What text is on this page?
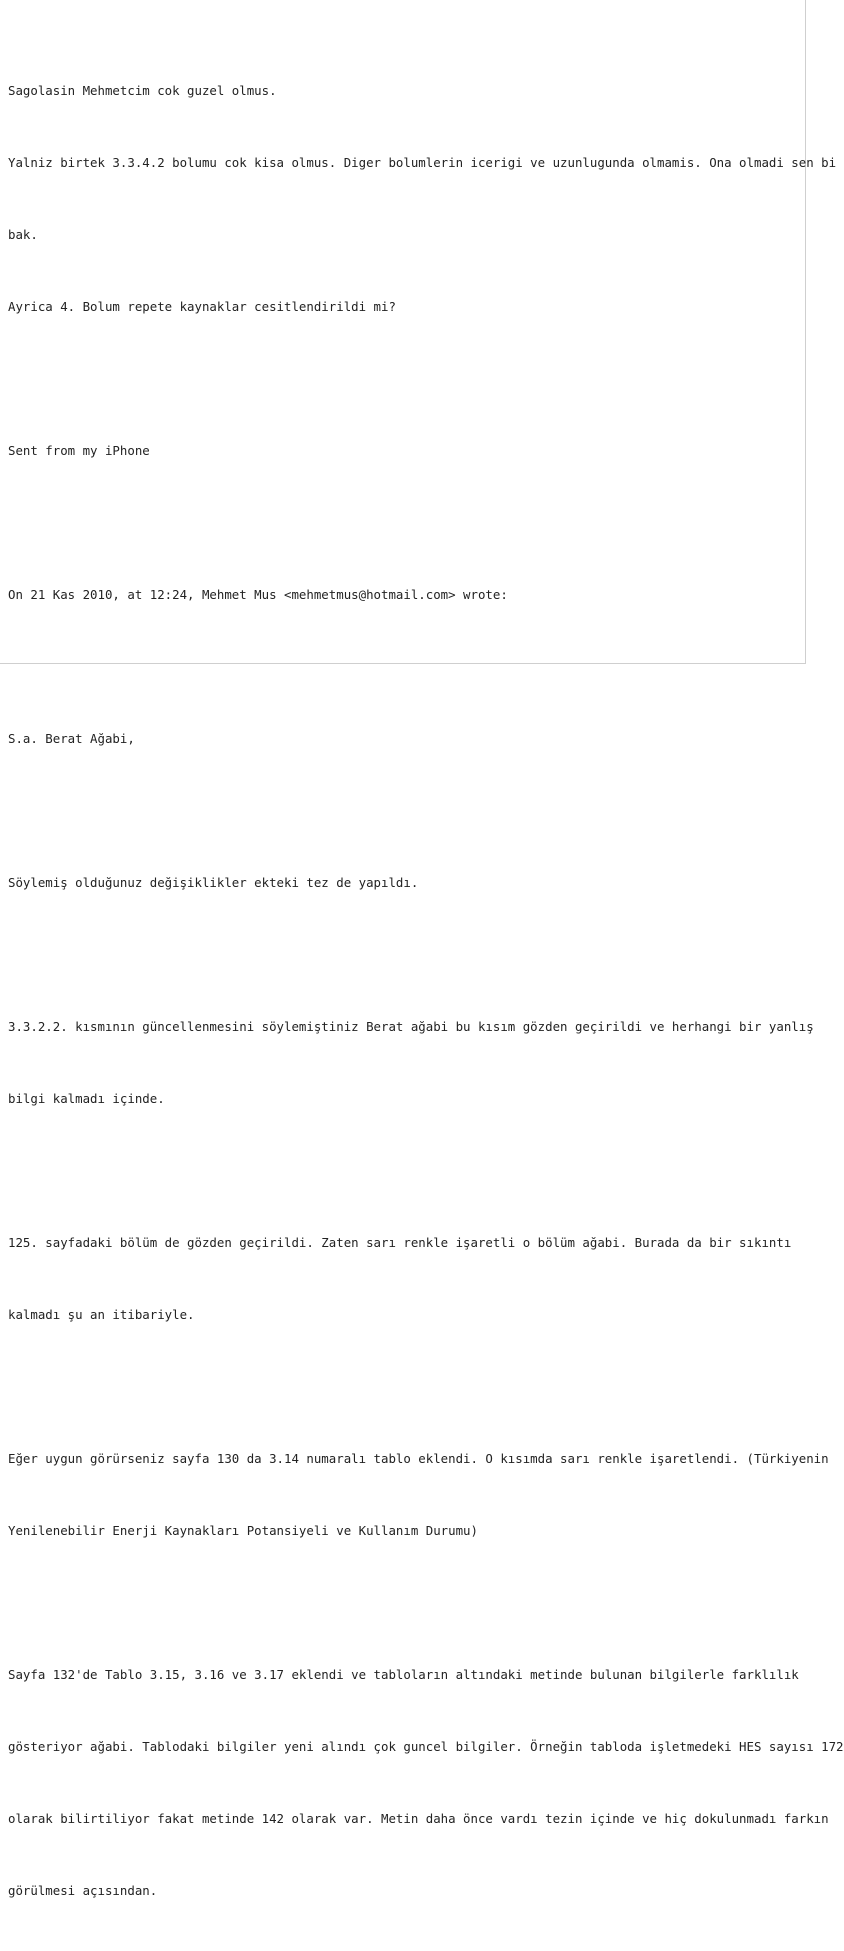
Sagolasin Mehmetcim cok guzel olmus.

Yalniz birtek 3.3.4.2 bolumu cok kisa olmus. Diger bolumlerin icerigi ve uzunlugunda olmamis. Ona olmadi sen bi

bak.

Ayrica 4. Bolum repete kaynaklar cesitlendirildi mi?

Sent from my iPhone

On 21 Kas 2010, at 12:24, Mehmet Mus <mehmetmus@hotmail.com> wrote:

S.a. Berat Ağabi,

Söylemiş olduğunuz değişiklikler ekteki tez de yapıldı.

3.3.2.2. kısmının güncellenmesini söylemiştiniz Berat ağabi bu kısım gözden geçirildi ve herhangi bir yanlış

bilgi kalmadı içinde.

125. sayfadaki bölüm de gözden geçirildi. Zaten sarı renkle işaretli o bölüm ağabi. Burada da bir sıkıntı

kalmadı şu an itibariyle.

Eğer uygun görürseniz sayfa 130 da 3.14 numaralı tablo eklendi. O kısımda sarı renkle işaretlendi. (Türkiyenin

Yenilenebilir Enerji Kaynakları Potansiyeli ve Kullanım Durumu)

Sayfa 132'de Tablo 3.15, 3.16 ve 3.17 eklendi ve tabloların altındaki metinde bulunan bilgilerle farklılık

gösteriyor ağabi. Tablodaki bilgiler yeni alındı çok guncel bilgiler. Örneğin tabloda işletmedeki HES sayısı 172

olarak bilirtiliyor fakat metinde 142 olarak var. Metin daha önce vardı tezin içinde ve hiç dokulunmadı farkın

görülmesi açısından.
